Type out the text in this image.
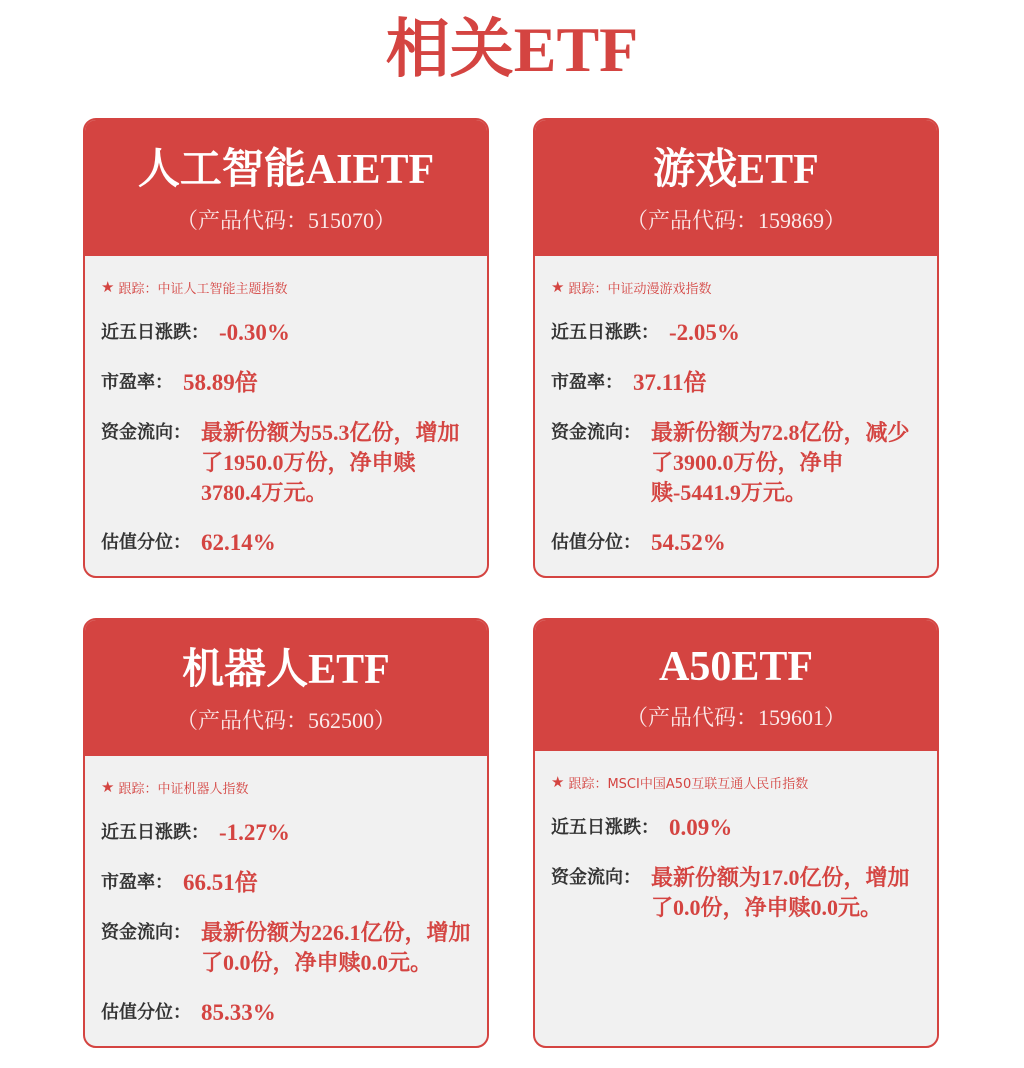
相关ETF
人工智能AIETF
（产品代码：515070）
★ 跟踪：中证人工智能主题指数
近五日涨跌： -0.30%
市盈率： 58.89倍
资金流向： 最新份额为55.3亿份，增加了1950.0万份，净申赎3780.4万元。
估值分位： 62.14%
游戏ETF
（产品代码：159869）
★ 跟踪：中证动漫游戏指数
近五日涨跌： -2.05%
市盈率： 37.11倍
资金流向： 最新份额为72.8亿份，减少了3900.0万份，净申赎-5441.9万元。
估值分位： 54.52%
机器人ETF
（产品代码：562500）
★ 跟踪：中证机器人指数
近五日涨跌： -1.27%
市盈率： 66.51倍
资金流向： 最新份额为226.1亿份，增加了0.0份，净申赎0.0元。
估值分位： 85.33%
A50ETF
（产品代码：159601）
★ 跟踪：MSCI中国A50互联互通人民币指数
近五日涨跌： 0.09%
资金流向： 最新份额为17.0亿份，增加了0.0份，净申赎0.0元。
